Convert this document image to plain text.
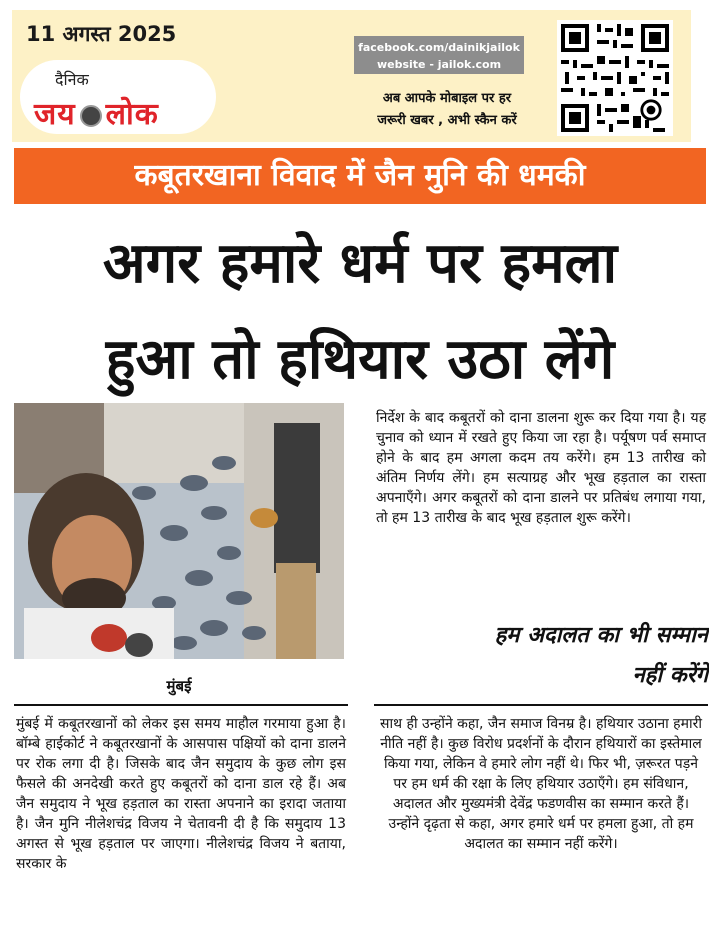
11 अगस्त 2025
दैनिक
जय लोक
facebook.com/dainikjailok
website - jailok.com
अब आपके मोबाइल पर हर
जरूरी खबर , अभी स्कैन करें
कबूतरखाना विवाद में जैन मुनि की धमकी
अगर हमारे धर्म पर हमला
हुआ तो हथियार उठा लेंगे
मुंबई
मुंबई में कबूतरखानों को लेकर इस समय माहौल गरमाया हुआ है। बॉम्बे हाईकोर्ट ने कबूतरखानों के आसपास पक्षियों को दाना डालने पर रोक लगा दी है। जिसके बाद जैन समुदाय के कुछ लोग इस फैसले की अनदेखी करते हुए कबूतरों को दाना डाल रहे हैं। अब जैन समुदाय ने भूख हड़ताल का रास्ता अपनाने का इरादा जताया है। जैन मुनि नीलेशचंद्र विजय ने चेतावनी दी है कि समुदाय 13 अगस्त से भूख हड़ताल पर जाएगा। नीलेशचंद्र विजय ने बताया, सरकार के
निर्देश के बाद कबूतरों को दाना डालना शुरू कर दिया गया है। यह चुनाव को ध्यान में रखते हुए किया जा रहा है। पर्यूषण पर्व समाप्त होने के बाद हम अगला कदम तय करेंगे। हम 13 तारीख को अंतिम निर्णय लेंगे। हम सत्याग्रह और भूख हड़ताल का रास्ता अपनाएँगे। अगर कबूतरों को दाना डालने पर प्रतिबंध लगाया गया, तो हम 13 तारीख के बाद भूख हड़ताल शुरू करेंगे।
हम अदालत का भी सम्मान
नहीं करेंगे
साथ ही उन्होंने कहा, जैन समाज विनम्र है। हथियार उठाना हमारी नीति नहीं है। कुछ विरोध प्रदर्शनों के दौरान हथियारों का इस्तेमाल किया गया, लेकिन वे हमारे लोग नहीं थे। फिर भी, ज़रूरत पड़ने पर हम धर्म की रक्षा के लिए हथियार उठाएँगे। हम संविधान, अदालत और मुख्यमंत्री देवेंद्र फडणवीस का सम्मान करते हैं। उन्होंने दृढ़ता से कहा, अगर हमारे धर्म पर हमला हुआ, तो हम अदालत का सम्मान नहीं करेंगे।
